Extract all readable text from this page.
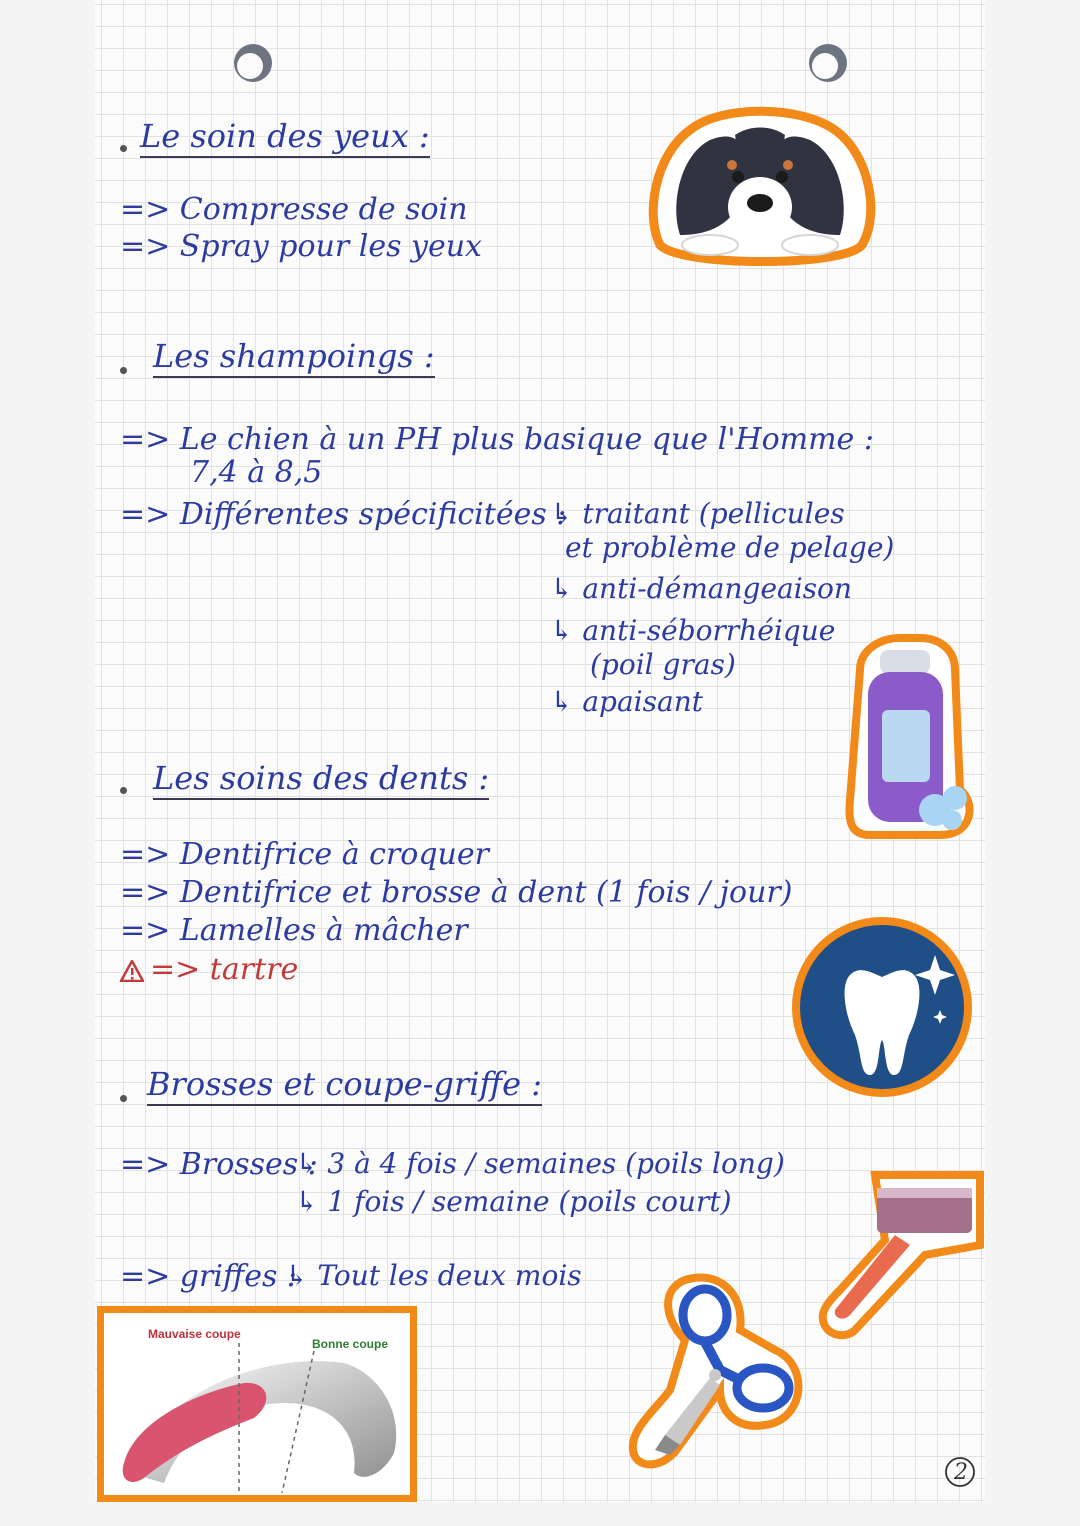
Le soin des yeux :
=> Compresse de soin
=> Spray pour les yeux
Les shampoings :
=> Le chien à un PH plus basique que l'Homme :
7,4 à 8,5
=> Différentes spécificitées :
↳ traitant (pellicules
et problème de pelage)
↳ anti-démangeaison
↳ anti-séborrhéique
(poil gras)
↳ apaisant
Les soins des dents :
=> Dentifrice à croquer
=> Dentifrice et brosse à dent (1 fois / jour)
=> Lamelles à mâcher
=> tartre
Brosses et coupe-griffe :
=> Brosses :
↳ 3 à 4 fois / semaines (poils long)
↳ 1 fois / semaine (poils court)
=> griffes :
↳ Tout les deux mois
Mauvaise coupe
Bonne coupe
2
